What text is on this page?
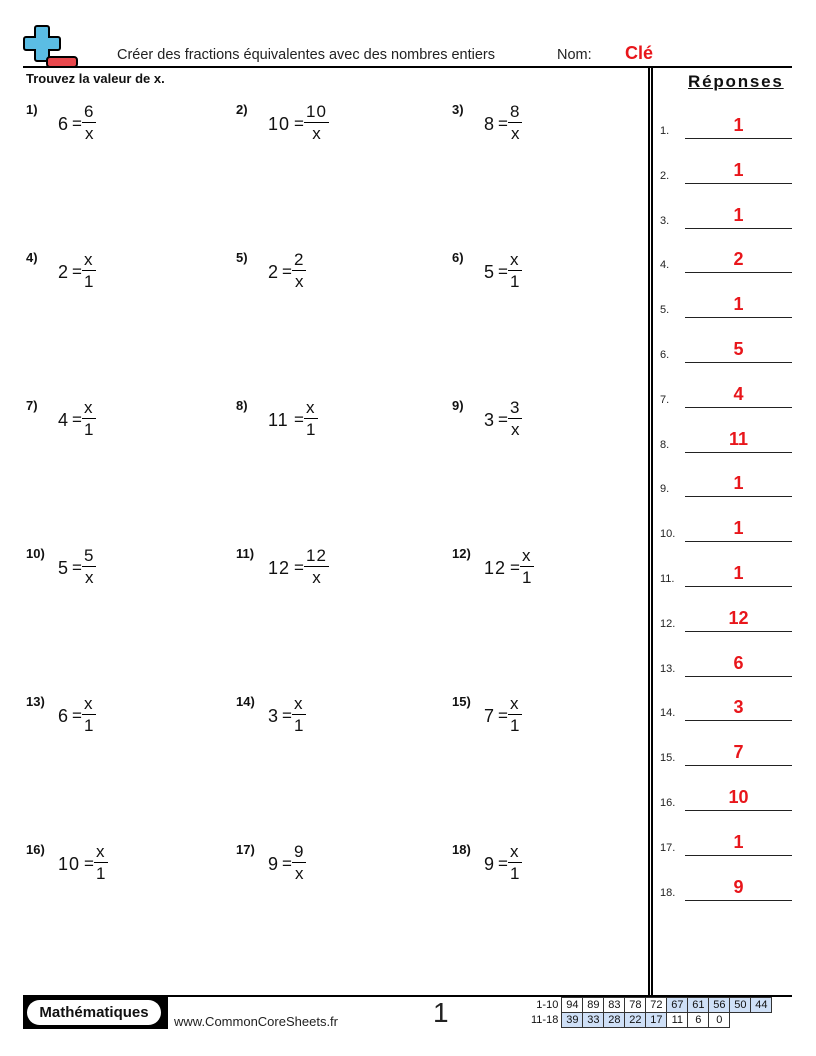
Créer des fractions équivalentes avec des nombres entiers	Nom: Clé
Trouvez la valeur de x.	Réponses
1)
$6 = \frac{6}{x}$	2)
$10 = \frac{10}{x}$	3)
$8 = \frac{8}{x}$
4)
$2 = \frac{x}{1}$	5)
$2 = \frac{2}{x}$	6)
$5 = \frac{x}{1}$
7)
$4 = \frac{x}{1}$	8)
$11 = \frac{x}{1}$	9)
$3 = \frac{3}{x}$
10)
$5 = \frac{5}{x}$	11)
$12 = \frac{12}{x}$	12)
$12 = \frac{x}{1}$
13)
$6 = \frac{x}{1}$	14)
$3 = \frac{x}{1}$	15)
$7 = \frac{x}{1}$
16)
$10 = \frac{x}{1}$	17)
$9 = \frac{9}{x}$	18)
$9 = \frac{x}{1}$
1.	1
2.	1
3.	1
4.	2
5.	1
6.	5
7.	4
8.	11
9.	1
10.	1
11.	1
12.	12
13.	6
14.	3
15.	7
16.	10
17.	1
18.	9
Mathématiques
www.CommonCoreSheets.fr	1	1-10	94	89	83	78	72	67	61	56	50	44
11-18	39	33	28	22	17	11	6	0		
